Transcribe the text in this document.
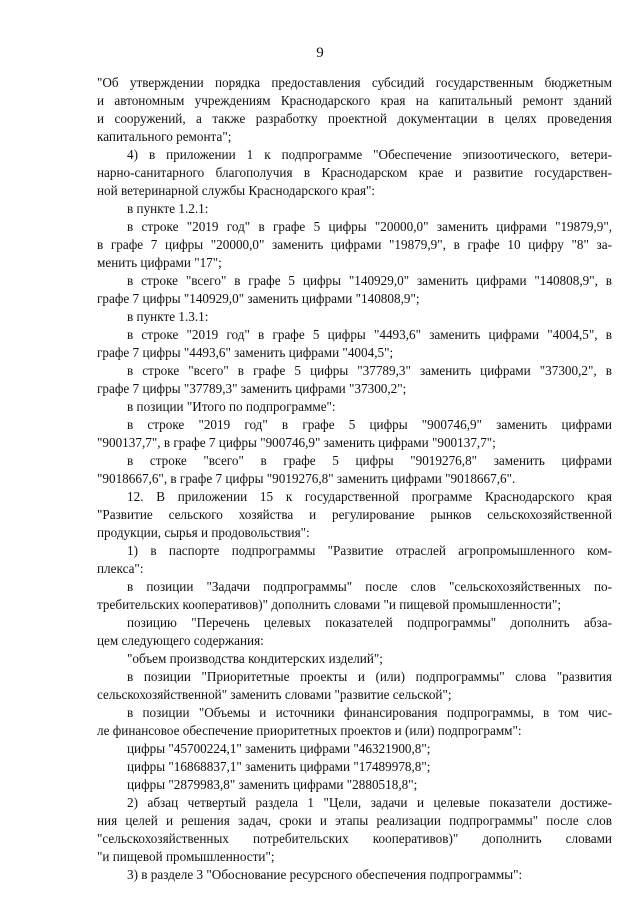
9
"Об утверждении порядка предоставления субсидий государственным бюджетным
и автономным учреждениям Краснодарского края на капитальный ремонт зданий
и сооружений, а также разработку проектной документации в целях проведения
капитального ремонта";
4) в приложении 1 к подпрограмме "Обеспечение эпизоотического, ветери-
нарно-санитарного благополучия в Краснодарском крае и развитие государствен-
ной ветеринарной службы Краснодарского края":
в пункте 1.2.1:
в строке "2019 год" в графе 5 цифры "20000,0" заменить цифрами "19879,9",
в графе 7 цифры "20000,0" заменить цифрами "19879,9", в графе 10 цифру "8" за-
менить цифрами "17";
в строке "всего" в графе 5 цифры "140929,0" заменить цифрами "140808,9", в
графе 7 цифры "140929,0" заменить цифрами "140808,9";
в пункте 1.3.1:
в строке "2019 год" в графе 5 цифры "4493,6" заменить цифрами "4004,5", в
графе 7 цифры "4493,6" заменить цифрами "4004,5";
в строке "всего" в графе 5 цифры "37789,3" заменить цифрами "37300,2", в
графе 7 цифры "37789,3" заменить цифрами "37300,2";
в позиции "Итого по подпрограмме":
в строке "2019 год" в графе 5 цифры "900746,9" заменить цифрами
"900137,7", в графе 7 цифры "900746,9" заменить цифрами "900137,7";
в строке "всего" в графе 5 цифры "9019276,8" заменить цифрами
"9018667,6", в графе 7 цифры "9019276,8" заменить цифрами "9018667,6".
12. В приложении 15 к государственной программе Краснодарского края
"Развитие сельского хозяйства и регулирование рынков сельскохозяйственной
продукции, сырья и продовольствия":
1) в паспорте подпрограммы "Развитие отраслей агропромышленного ком-
плекса":
в позиции "Задачи подпрограммы" после слов "сельскохозяйственных по-
требительских кооперативов)" дополнить словами "и пищевой промышленности";
позицию "Перечень целевых показателей подпрограммы" дополнить абза-
цем следующего содержания:
"объем производства кондитерских изделий";
в позиции "Приоритетные проекты и (или) подпрограммы" слова "развития
сельскохозяйственной" заменить словами "развитие сельской";
в позиции "Объемы и источники финансирования подпрограммы, в том чис-
ле финансовое обеспечение приоритетных проектов и (или) подпрограмм":
цифры "45700224,1" заменить цифрами "46321900,8";
цифры "16868837,1" заменить цифрами "17489978,8";
цифры "2879983,8" заменить цифрами "2880518,8";
2) абзац четвертый раздела 1 "Цели, задачи и целевые показатели достиже-
ния целей и решения задач, сроки и этапы реализации подпрограммы" после слов
"сельскохозяйственных потребительских кооперативов)" дополнить словами
"и пищевой промышленности";
3) в разделе 3 "Обоснование ресурсного обеспечения подпрограммы":
